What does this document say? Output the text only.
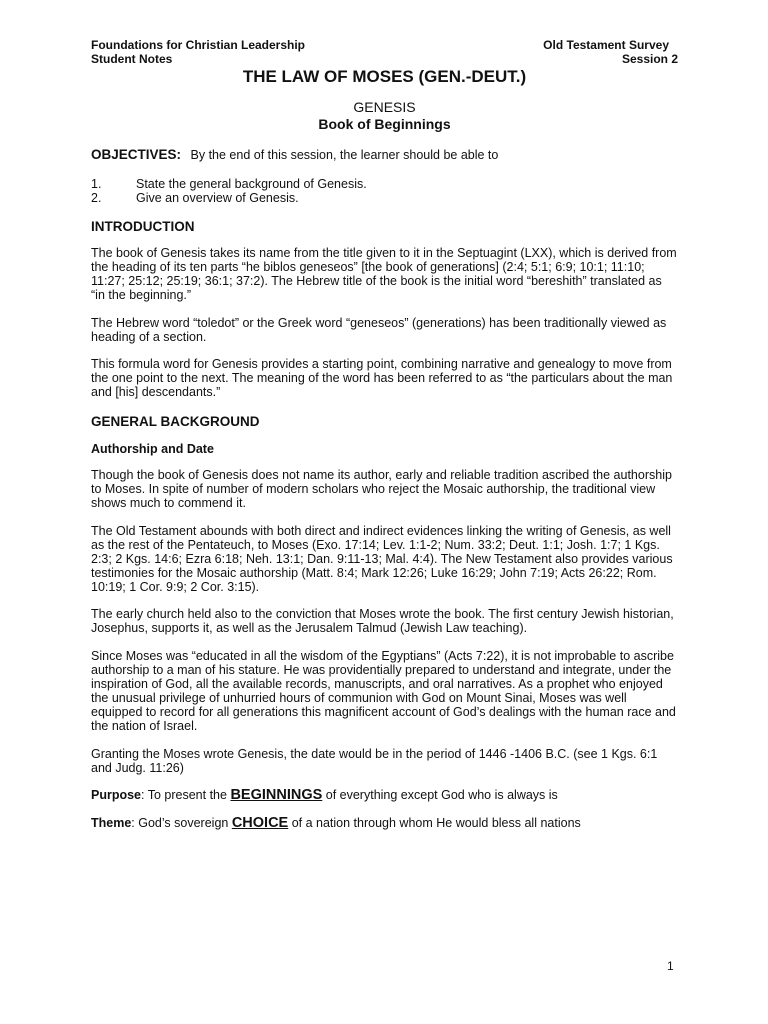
Foundations for Christian Leadership	Old Testament Survey
Student Notes	Session 2
THE LAW OF MOSES (GEN.-DEUT.)
GENESIS
Book of Beginnings
OBJECTIVES: By the end of this session, the learner should be able to
1.	State the general background of Genesis.
2.	Give an overview of Genesis.
INTRODUCTION

The book of Genesis takes its name from the title given to it in the Septuagint (LXX), which is derived from the heading of its ten parts “he biblos geneseos” [the book of generations] (2:4; 5:1; 6:9; 10:1; 11:10; 11:27; 25:12; 25:19; 36:1; 37:2). The Hebrew title of the book is the initial word “bereshith” translated as “in the beginning.”

The Hebrew word “toledot” or the Greek word “geneseos” (generations) has been traditionally viewed as heading of a section.

This formula word for Genesis provides a starting point, combining narrative and genealogy to move from the one point to the next. The meaning of the word has been referred to as “the particulars about the man and [his] descendants.”

GENERAL BACKGROUND
Authorship and Date

Though the book of Genesis does not name its author, early and reliable tradition ascribed the authorship to Moses. In spite of number of modern scholars who reject the Mosaic authorship, the traditional view shows much to commend it.

The Old Testament abounds with both direct and indirect evidences linking the writing of Genesis, as well as the rest of the Pentateuch, to Moses (Exo. 17:14; Lev. 1:1-2; Num. 33:2; Deut. 1:1; Josh. 1:7; 1 Kgs. 2:3; 2 Kgs. 14:6; Ezra 6:18; Neh. 13:1; Dan. 9:11-13; Mal. 4:4). The New Testament also provides various testimonies for the Mosaic authorship (Matt. 8:4; Mark 12:26; Luke 16:29; John 7:19; Acts 26:22; Rom. 10:19; 1 Cor. 9:9; 2 Cor. 3:15).

The early church held also to the conviction that Moses wrote the book. The first century Jewish historian, Josephus, supports it, as well as the Jerusalem Talmud (Jewish Law teaching).

Since Moses was “educated in all the wisdom of the Egyptians” (Acts 7:22), it is not improbable to ascribe authorship to a man of his stature. He was providentially prepared to understand and integrate, under the inspiration of God, all the available records, manuscripts, and oral narratives. As a prophet who enjoyed the unusual privilege of unhurried hours of communion with God on Mount Sinai, Moses was well equipped to record for all generations this magnificent account of God’s dealings with the human race and the nation of Israel.

Granting the Moses wrote Genesis, the date would be in the period of 1446 -1406 B.C. (see 1 Kgs. 6:1 and Judg. 11:26)

Purpose: To present the BEGINNINGS of everything except God who is always is
Theme: God’s sovereign CHOICE of a nation through whom He would bless all nations
1
